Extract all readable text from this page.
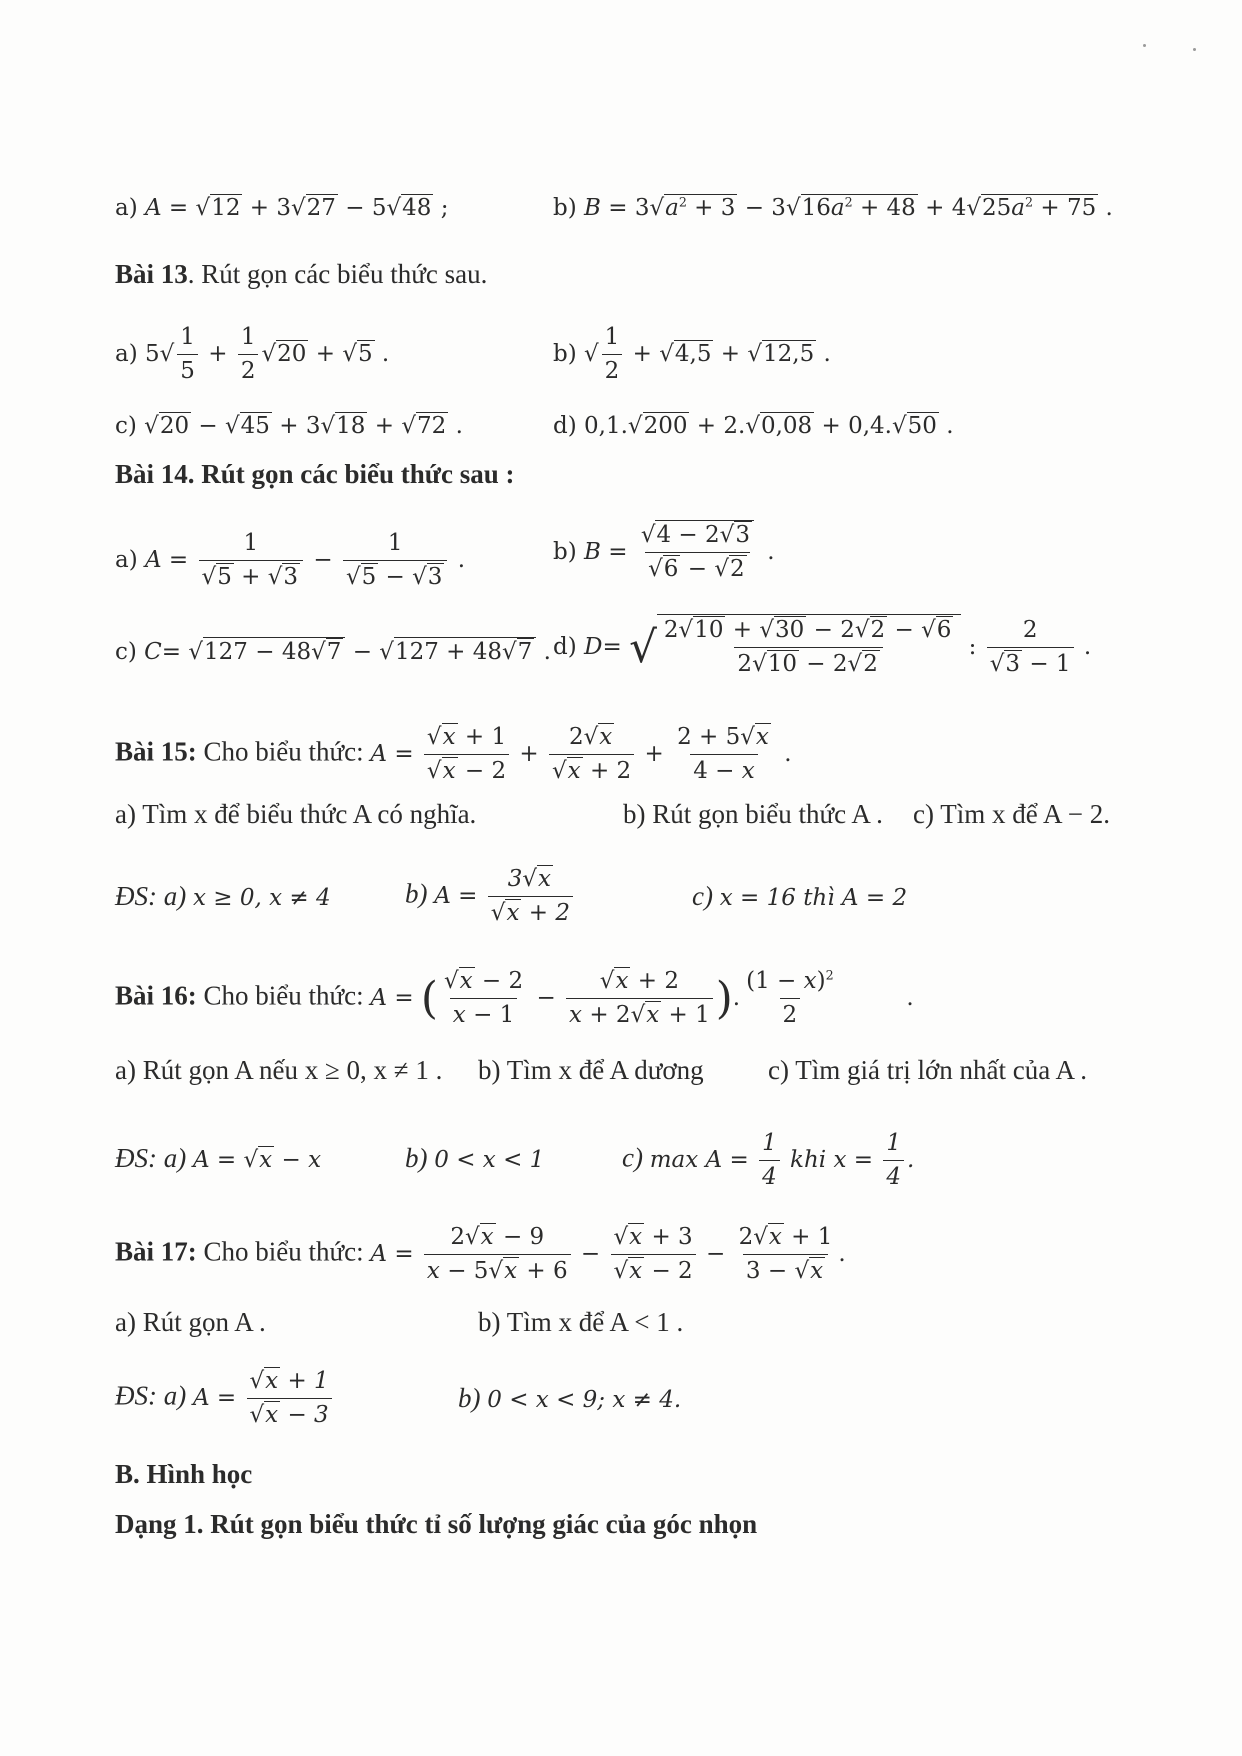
a) A = √12 + 3√27 − 5√48 ;	b) $B = 3√a^2 + 3 - 3√16a^2 + 48 + 4√25a^2 + 75$ .
Bài 13. Rút gọn các biểu thức sau.
a) $5√ \frac{1}{5} + \frac{1}{2} √20 + √5$ .	b) √ $\frac{1}{2} + √4,5 + √12,5$ .
c) √20 − √45 + 3√18 + √72 .	d) 0,1.√200 + 2.√0,08 + 0,4.√50 .
Bài 14. Rút gọn các biểu thức sau :
a) $A = \frac{1}{√5 + √3} - \frac{1}{√5 - √3}$ .	b) $B = \frac{√4 - 2√3}{√6 - √2}$ .
c) C= √127 − 48√7 − √127 + 48√7 . d) D= √ $\frac{2√10 + √30 - 2√2 - √6}{2√10 - 2√2}$ : $\frac{2}{√3 - 1}$ .
Bài 15: Cho biểu thức: $A = \frac{√x + 1}{√x - 2} + \frac{2√x}{√x + 2} + \frac{2 + 5√x}{4 - x}$ .
a) Tìm x để biểu thức A có nghĩa.	b) Rút gọn biểu thức A . c) Tìm x để A − 2.
ĐS: a) x ≥ 0, x ≠ 4	b) $A = \frac{3√x}{√x + 2}$	c) x = 16 thì A = 2
Bài 16: Cho biểu thức: A = ( $\frac{√x - 2}{x - 1} - \frac{√x + 2}{x + 2√x + 1}$ ). $\frac{(1 - x)^2}{2}$	.
a) Rút gọn A nếu x ≥ 0, x ≠ 1 . b) Tìm x để A dương c) Tìm giá trị lớn nhất của A .
ĐS: a) A = √x − x	b) 0 < x < 1	c) $\max A = \frac{1}{4}$ khi $x = \frac{1}{4}$ .
Bài 17: Cho biểu thức: $A = \frac{2√x - 9}{x - 5√x + 6} - \frac{√x + 3}{√x - 2} - \frac{2√x + 1}{3 - √x}$ .
a) Rút gọn A .	b) Tìm x để A < 1 .
ĐS: a) $A = \frac{√x + 1}{√x - 3}$	b) 0 < x < 9; x ≠ 4.
B. Hình học
Dạng 1. Rút gọn biểu thức tỉ số lượng giác của góc nhọn
